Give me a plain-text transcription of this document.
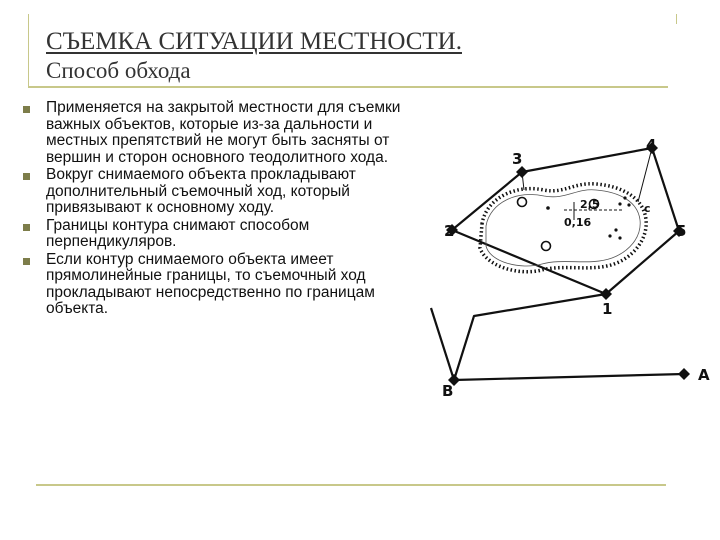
СЪЕМКА СИТУАЦИИ МЕСТНОСТИ.
Способ обхода
Применяется на закрытой местности для съемки важных объектов, которые из-за дальности и местных препятствий не могут быть засняты от вершин и сторон основного теодолитного хода.
Вокруг снимаемого объекта прокладывают дополнительный съемочный ход, который привязывают к основному ходу.
Границы контура снимают способом перпендикуляров.
Если контур снимаемого объекта имеет прямолинейные границы, то съемочный ход прокладывают непосредственно по границам объекта.	1
2
3
4
5
B
A
2,5
0,16
c
